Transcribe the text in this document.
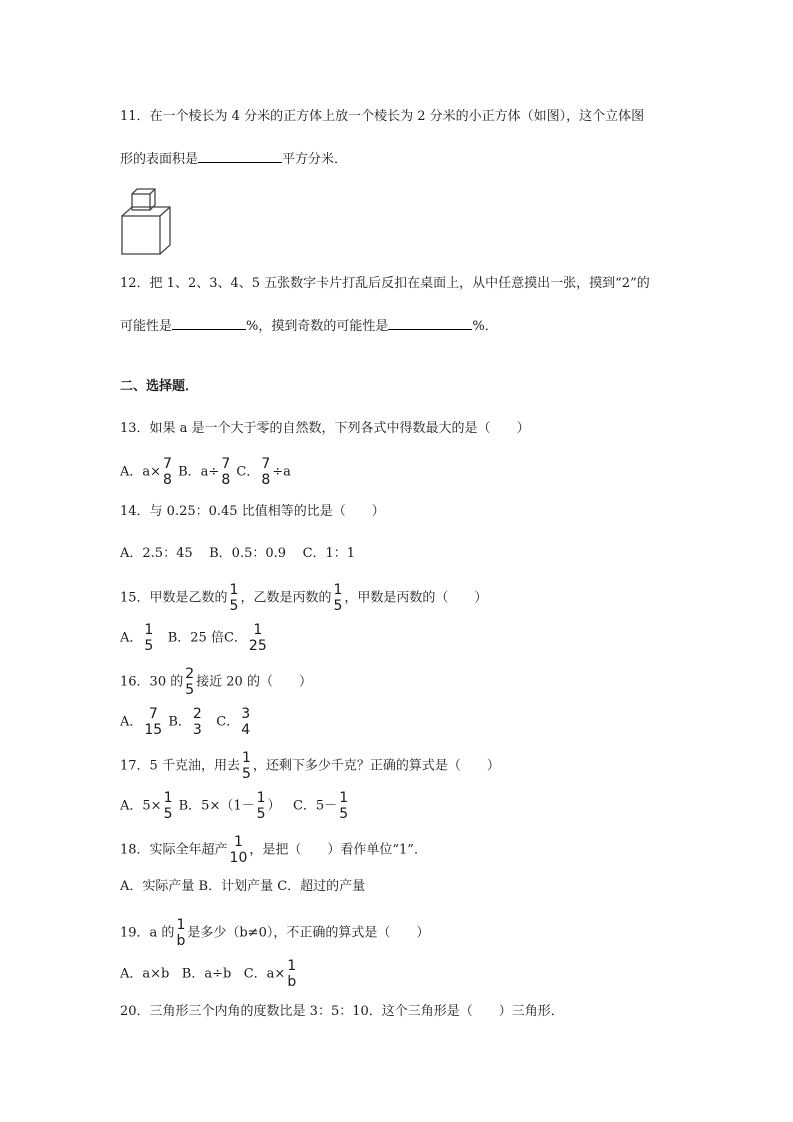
11．在一个棱长为 4 分米的正方体上放一个棱长为 2 分米的小正方体（如图），这个立体图
形的表面积是	平方分米．
12．把 1、2、3、4、5 五张数字卡片打乱后反扣在桌面上，从中任意摸出一张，摸到“2”的
可能性是	%，摸到奇数的可能性是	%．
二、选择题．
13．如果 a 是一个大于零的自然数，下列各式中得数最大的是（ ）
A．a× 7
8 B．a÷ 7
8 C． 7
8 ÷a
14．与 0.25：0.45 比值相等的比是（ ）
A．2.5：45    B．0.5：0.9    C．1：1
15．甲数是乙数的 1
5 ，乙数是丙数的 1
5 ，甲数是丙数的（ ）
A． 1
5 B．25 倍C． 1
25
16．30 的 2
5 接近 20 的（ ）
A． 7
15 B． 2
3 C． 3
4
17．5 千克油，用去 1
5 ，还剩下多少千克？正确的算式是（ ）
A．5× 1
5 B．5×（1－ 1
5 ） C．5－ 1
5
18．实际全年超产 1
10 ，是把（ ）看作单位“1”．
A．实际产量 B．计划产量 C．超过的产量
19．a 的 1
b 是多少（b≠0），不正确的算式是（ ）
A．a×b B．a÷b C．a× 1
b
20．三角形三个内角的度数比是 3：5：10．这个三角形是（ ）三角形．
